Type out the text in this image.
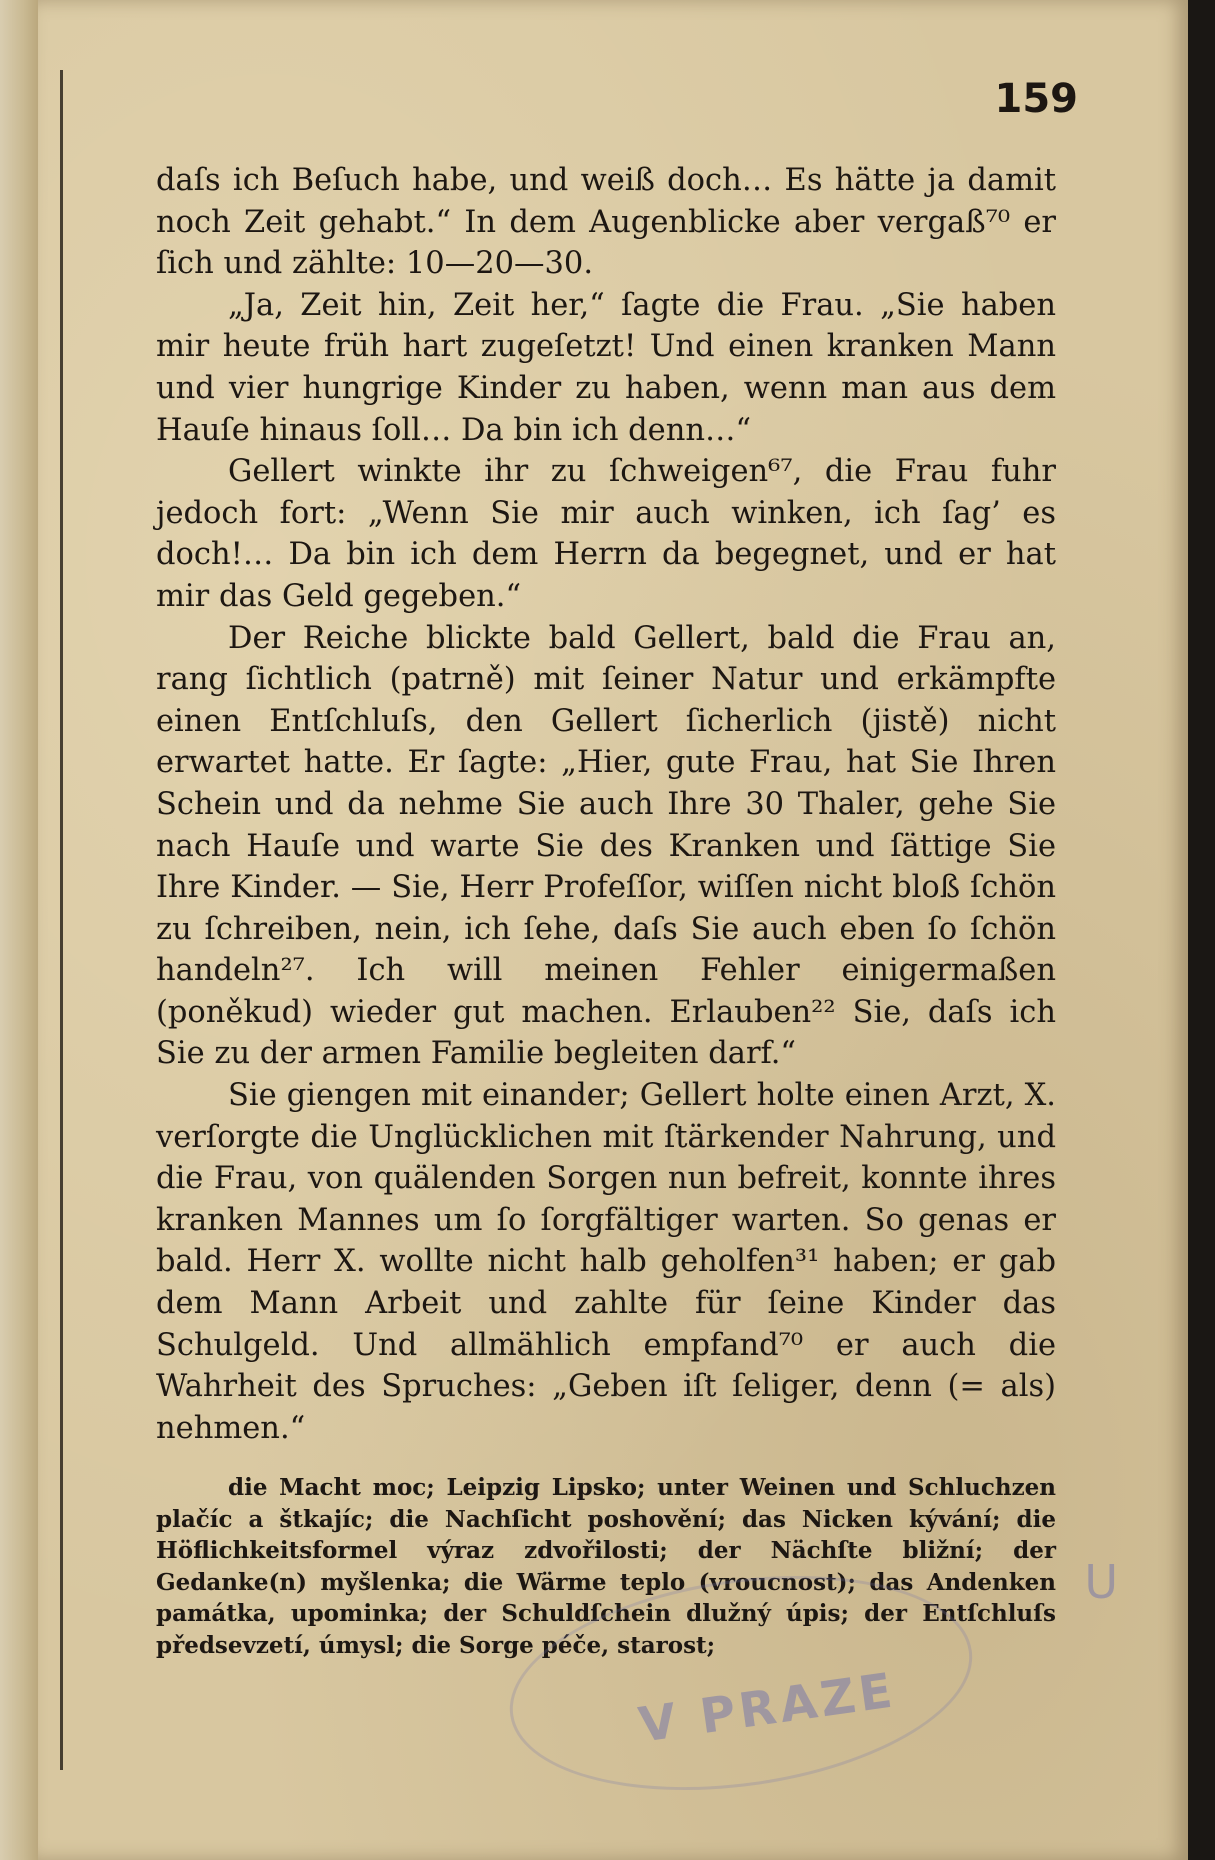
159

daſs ich Beſuch habe, und weiß doch… Es hätte ja damit noch Zeit gehabt.“ In dem Augenblicke aber vergaß⁷⁰ er ſich und zählte: 10—20—30.

„Ja, Zeit hin, Zeit her,“ ſagte die Frau. „Sie haben mir heute früh hart zugeſetzt! Und einen kranken Mann und vier hungrige Kinder zu haben, wenn man aus dem Hauſe hinaus ſoll… Da bin ich denn…“

Gellert winkte ihr zu ſchweigen⁶⁷, die Frau fuhr jedoch fort: „Wenn Sie mir auch winken, ich ſag’ es doch!… Da bin ich dem Herrn da begegnet, und er hat mir das Geld gegeben.“

Der Reiche blickte bald Gellert, bald die Frau an, rang ſichtlich (patrně) mit ſeiner Natur und erkämpfte einen Entſchluſs, den Gellert ſicherlich (jistě) nicht erwartet hatte. Er ſagte: „Hier, gute Frau, hat Sie Ihren Schein und da nehme Sie auch Ihre 30 Thaler, gehe Sie nach Hauſe und warte Sie des Kranken und ſättige Sie Ihre Kinder. — Sie, Herr Profeſſor, wiſſen nicht bloß ſchön zu ſchreiben, nein, ich ſehe, daſs Sie auch eben ſo ſchön handeln²⁷. Ich will meinen Fehler einigermaßen (poněkud) wieder gut machen. Erlauben²² Sie, daſs ich Sie zu der armen Familie begleiten darf.“

Sie giengen mit einander; Gellert holte einen Arzt, X. verſorgte die Unglücklichen mit ſtärkender Nahrung, und die Frau, von quälenden Sorgen nun befreit, konnte ihres kranken Mannes um ſo ſorgfältiger warten. So genas er bald. Herr X. wollte nicht halb geholfen³¹ haben; er gab dem Mann Arbeit und zahlte für ſeine Kinder das Schulgeld. Und allmählich empfand⁷⁰ er auch die Wahrheit des Spruches: „Geben iſt ſeliger, denn (= als) nehmen.“

die Macht moc; Leipzig Lipsko; unter Weinen und Schluchzen plačíc a štkajíc; die Nachſicht poshovění; das Nicken kývání; die Höflichkeitsformel výraz zdvořilosti; der Nächſte bližní; der Gedanke(n) myšlenka; die Wärme teplo (vroucnost); das Andenken památka, upominka; der Schuldſchein dlužný úpis; der Entſchluſs předsevzetí, úmysl; die Sorge péče, starost;
V PRAZE
U
